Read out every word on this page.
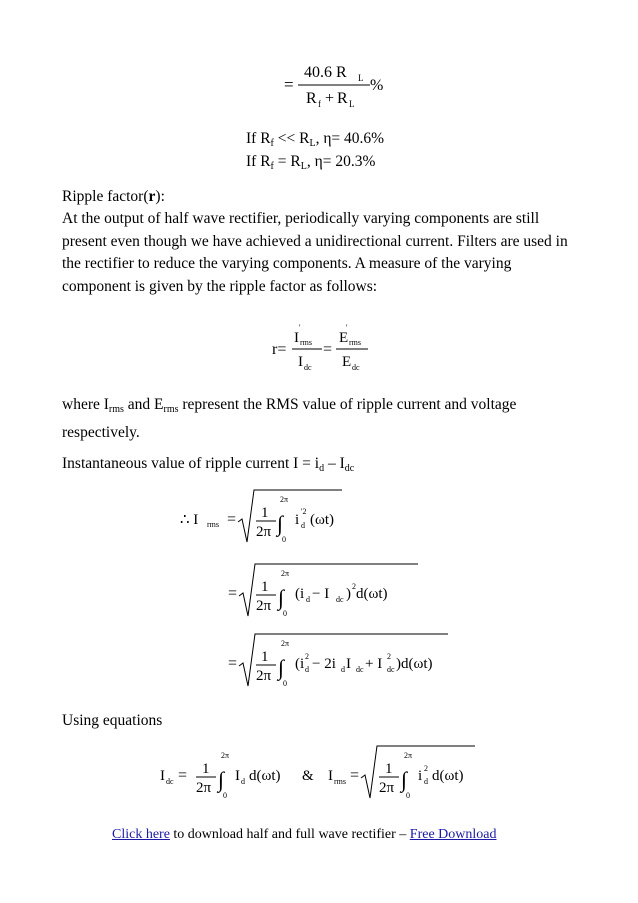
=
40.6 R L
R f + R L
%
If $R_f << R_L$, η= 40.6%
If $R_f = R_L$, η= 20.3%
Ripple factor(r):
At the output of half wave rectifier, periodically varying components are still present even though we have achieved a unidirectional current. Filters are used in the rectifier to reduce the varying components. A measure of the varying component is given by the ripple factor as follows:
r=
I
'
rms
I dc
=
E
'
rms
E dc
where $I_{rms}$ and $E_{rms}$ represent the RMS value of ripple current and voltage respectively.
Instantaneous value of ripple current $I = i_d - I_{dc}$
∴ I rms = 1
2π
2π
∫
0
i
'2
d (ωt)
= 1
2π
2π
∫
0
(i d − I dc ) 2 d(ωt)
= 1
2π
2π
∫
0
(i 2
d − 2i d I dc + I 2
dc )d(ωt)
Using equations
I dc = 1
2π
2π
∫
0
I d d(ωt) & I rms = 1
2π
2π
∫
0
i 2
d d(ωt)
Click here to download half and full wave rectifier – Free Download
